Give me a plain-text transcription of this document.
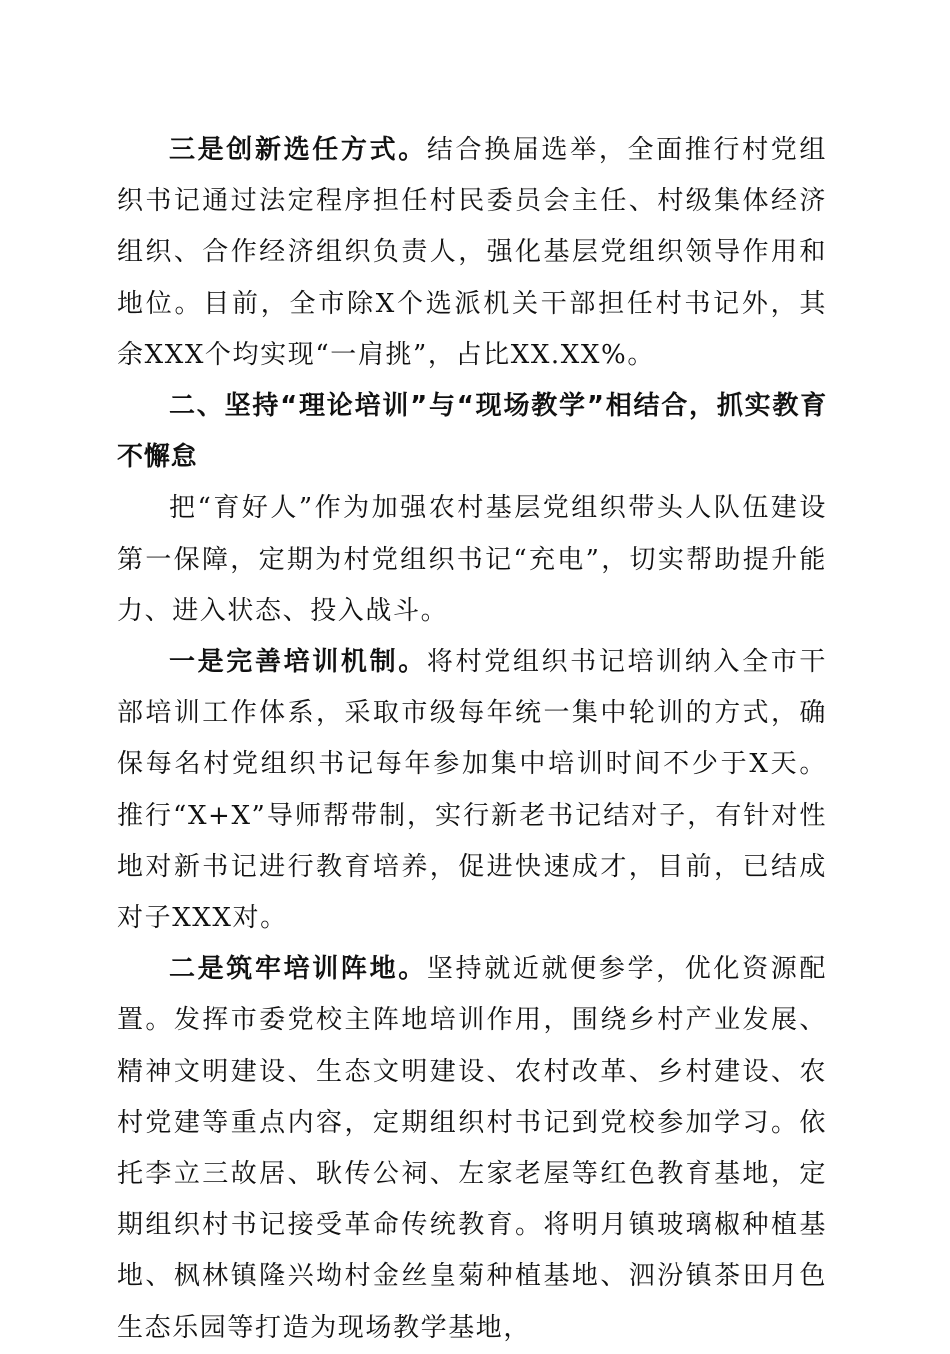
三是创新选任方式。结合换届选举，全面推行村党组织书记通过法定程序担任村民委员会主任、村级集体经济组织、合作经济组织负责人，强化基层党组织领导作用和地位。目前，全市除X个选派机关干部担任村书记外，其余XXX个均实现“一肩挑”，占比XX.XX%。

二、坚持“理论培训”与“现场教学”相结合，抓实教育不懈怠

把“育好人”作为加强农村基层党组织带头人队伍建设第一保障，定期为村党组织书记“充电”，切实帮助提升能力、进入状态、投入战斗。

一是完善培训机制。将村党组织书记培训纳入全市干部培训工作体系，采取市级每年统一集中轮训的方式，确保每名村党组织书记每年参加集中培训时间不少于X天。推行“X+X”导师帮带制，实行新老书记结对子，有针对性地对新书记进行教育培养，促进快速成才，目前，已结成对子XXX对。

二是筑牢培训阵地。坚持就近就便参学，优化资源配置。发挥市委党校主阵地培训作用，围绕乡村产业发展、精神文明建设、生态文明建设、农村改革、乡村建设、农村党建等重点内容，定期组织村书记到党校参加学习。依托李立三故居、耿传公祠、左家老屋等红色教育基地，定期组织村书记接受革命传统教育。将明月镇玻璃椒种植基地、枫林镇隆兴坳村金丝皇菊种植基地、泗汾镇茶田月色生态乐园等打造为现场教学基地，
